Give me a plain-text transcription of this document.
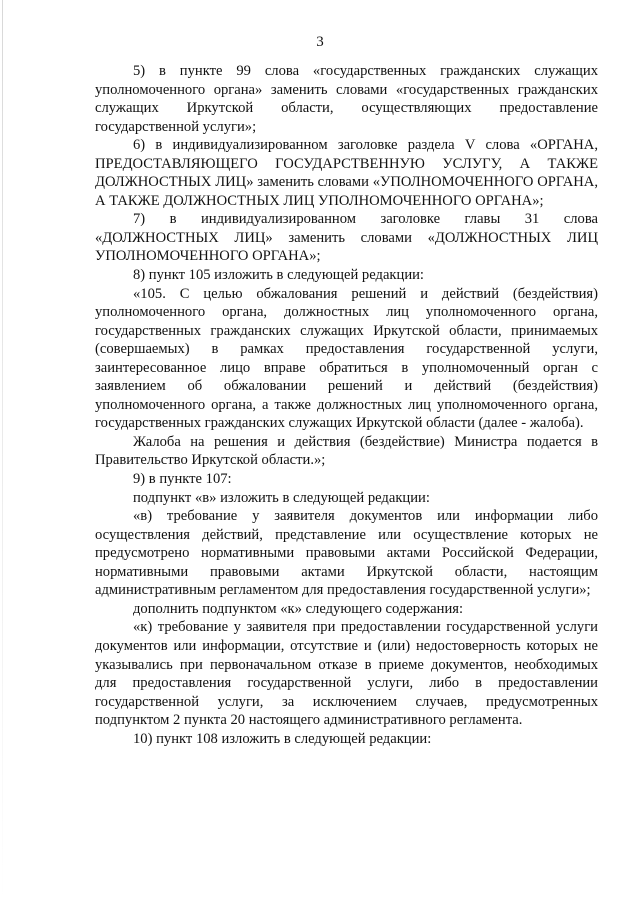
3

5) в пункте 99 слова «государственных гражданских служащих уполномоченного органа» заменить словами «государственных гражданских служащих Иркутской области, осуществляющих предоставление государственной услуги»;

6) в индивидуализированном заголовке раздела V слова «ОРГАНА, ПРЕДОСТАВЛЯЮЩЕГО ГОСУДАРСТВЕННУЮ УСЛУГУ, А ТАКЖЕ ДОЛЖНОСТНЫХ ЛИЦ» заменить словами «УПОЛНОМОЧЕННОГО ОРГАНА, А ТАКЖЕ ДОЛЖНОСТНЫХ ЛИЦ УПОЛНОМОЧЕННОГО ОРГАНА»;

7) в индивидуализированном заголовке главы 31 слова «ДОЛЖНОСТНЫХ ЛИЦ» заменить словами «ДОЛЖНОСТНЫХ ЛИЦ УПОЛНОМОЧЕННОГО ОРГАНА»;

8) пункт 105 изложить в следующей редакции:

«105. С целью обжалования решений и действий (бездействия) уполномоченного органа, должностных лиц уполномоченного органа, государственных гражданских служащих Иркутской области, принимаемых (совершаемых) в рамках предоставления государственной услуги, заинтересованное лицо вправе обратиться в уполномоченный орган с заявлением об обжаловании решений и действий (бездействия) уполномоченного органа, а также должностных лиц уполномоченного органа, государственных гражданских служащих Иркутской области (далее - жалоба).

Жалоба на решения и действия (бездействие) Министра подается в Правительство Иркутской области.»;

9) в пункте 107:

подпункт «в» изложить в следующей редакции:

«в) требование у заявителя документов или информации либо осуществления действий, представление или осуществление которых не предусмотрено нормативными правовыми актами Российской Федерации, нормативными правовыми актами Иркутской области, настоящим административным регламентом для предоставления государственной услуги»;

дополнить подпунктом «к» следующего содержания:

«к) требование у заявителя при предоставлении государственной услуги документов или информации, отсутствие и (или) недостоверность которых не указывались при первоначальном отказе в приеме документов, необходимых для предоставления государственной услуги, либо в предоставлении государственной услуги, за исключением случаев, предусмотренных подпунктом 2 пункта 20 настоящего административного регламента.

10) пункт 108 изложить в следующей редакции:
